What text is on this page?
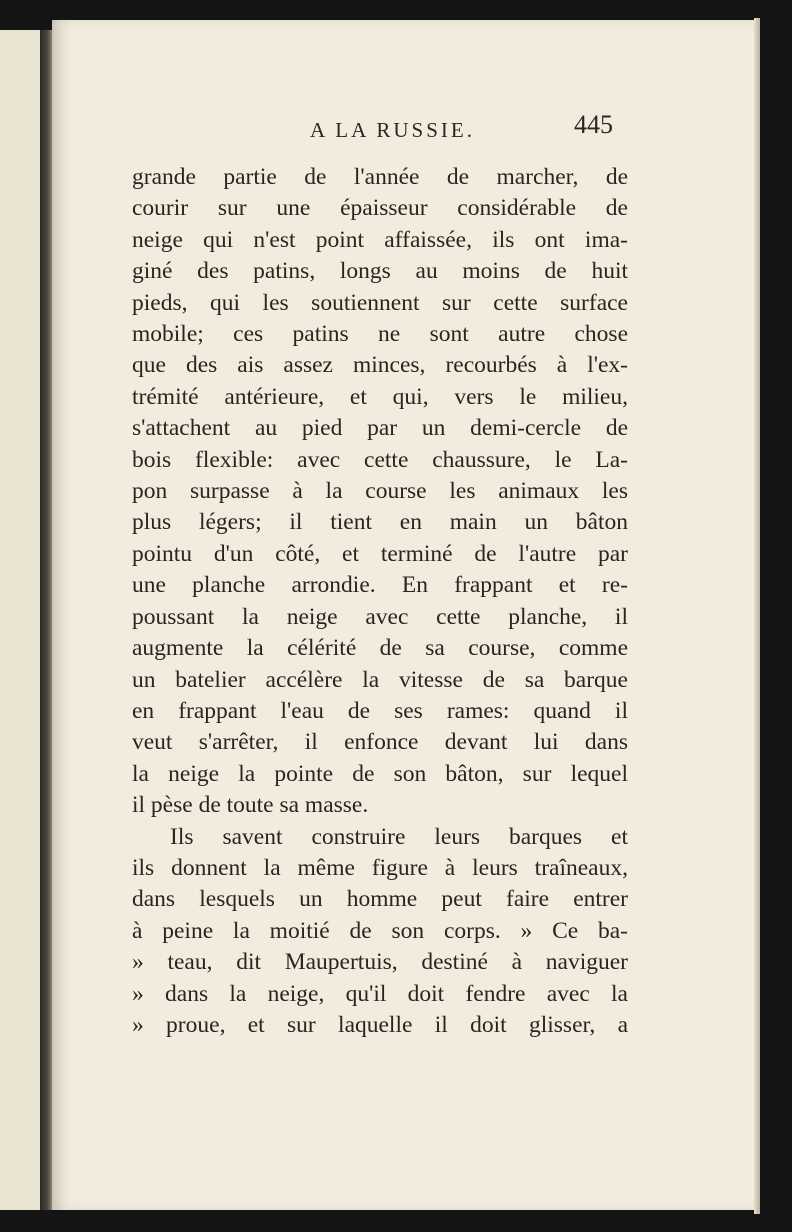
A LA RUSSIE.	445
grande partie de l'année de marcher, de
courir sur une épaisseur considérable de
neige qui n'est point affaissée, ils ont ima-
giné des patins, longs au moins de huit
pieds, qui les soutiennent sur cette surface
mobile; ces patins ne sont autre chose
que des ais assez minces, recourbés à l'ex-
trémité antérieure, et qui, vers le milieu,
s'attachent au pied par un demi-cercle de
bois flexible: avec cette chaussure, le La-
pon surpasse à la course les animaux les
plus légers; il tient en main un bâton
pointu d'un côté, et terminé de l'autre par
une planche arrondie. En frappant et re-
poussant la neige avec cette planche, il
augmente la célérité de sa course, comme
un batelier accélère la vitesse de sa barque
en frappant l'eau de ses rames: quand il
veut s'arrêter, il enfonce devant lui dans
la neige la pointe de son bâton, sur lequel
il pèse de toute sa masse.
Ils savent construire leurs barques et
ils donnent la même figure à leurs traîneaux,
dans lesquels un homme peut faire entrer
à peine la moitié de son corps. » Ce ba-
» teau, dit Maupertuis, destiné à naviguer
» dans la neige, qu'il doit fendre avec la
» proue, et sur laquelle il doit glisser, a
